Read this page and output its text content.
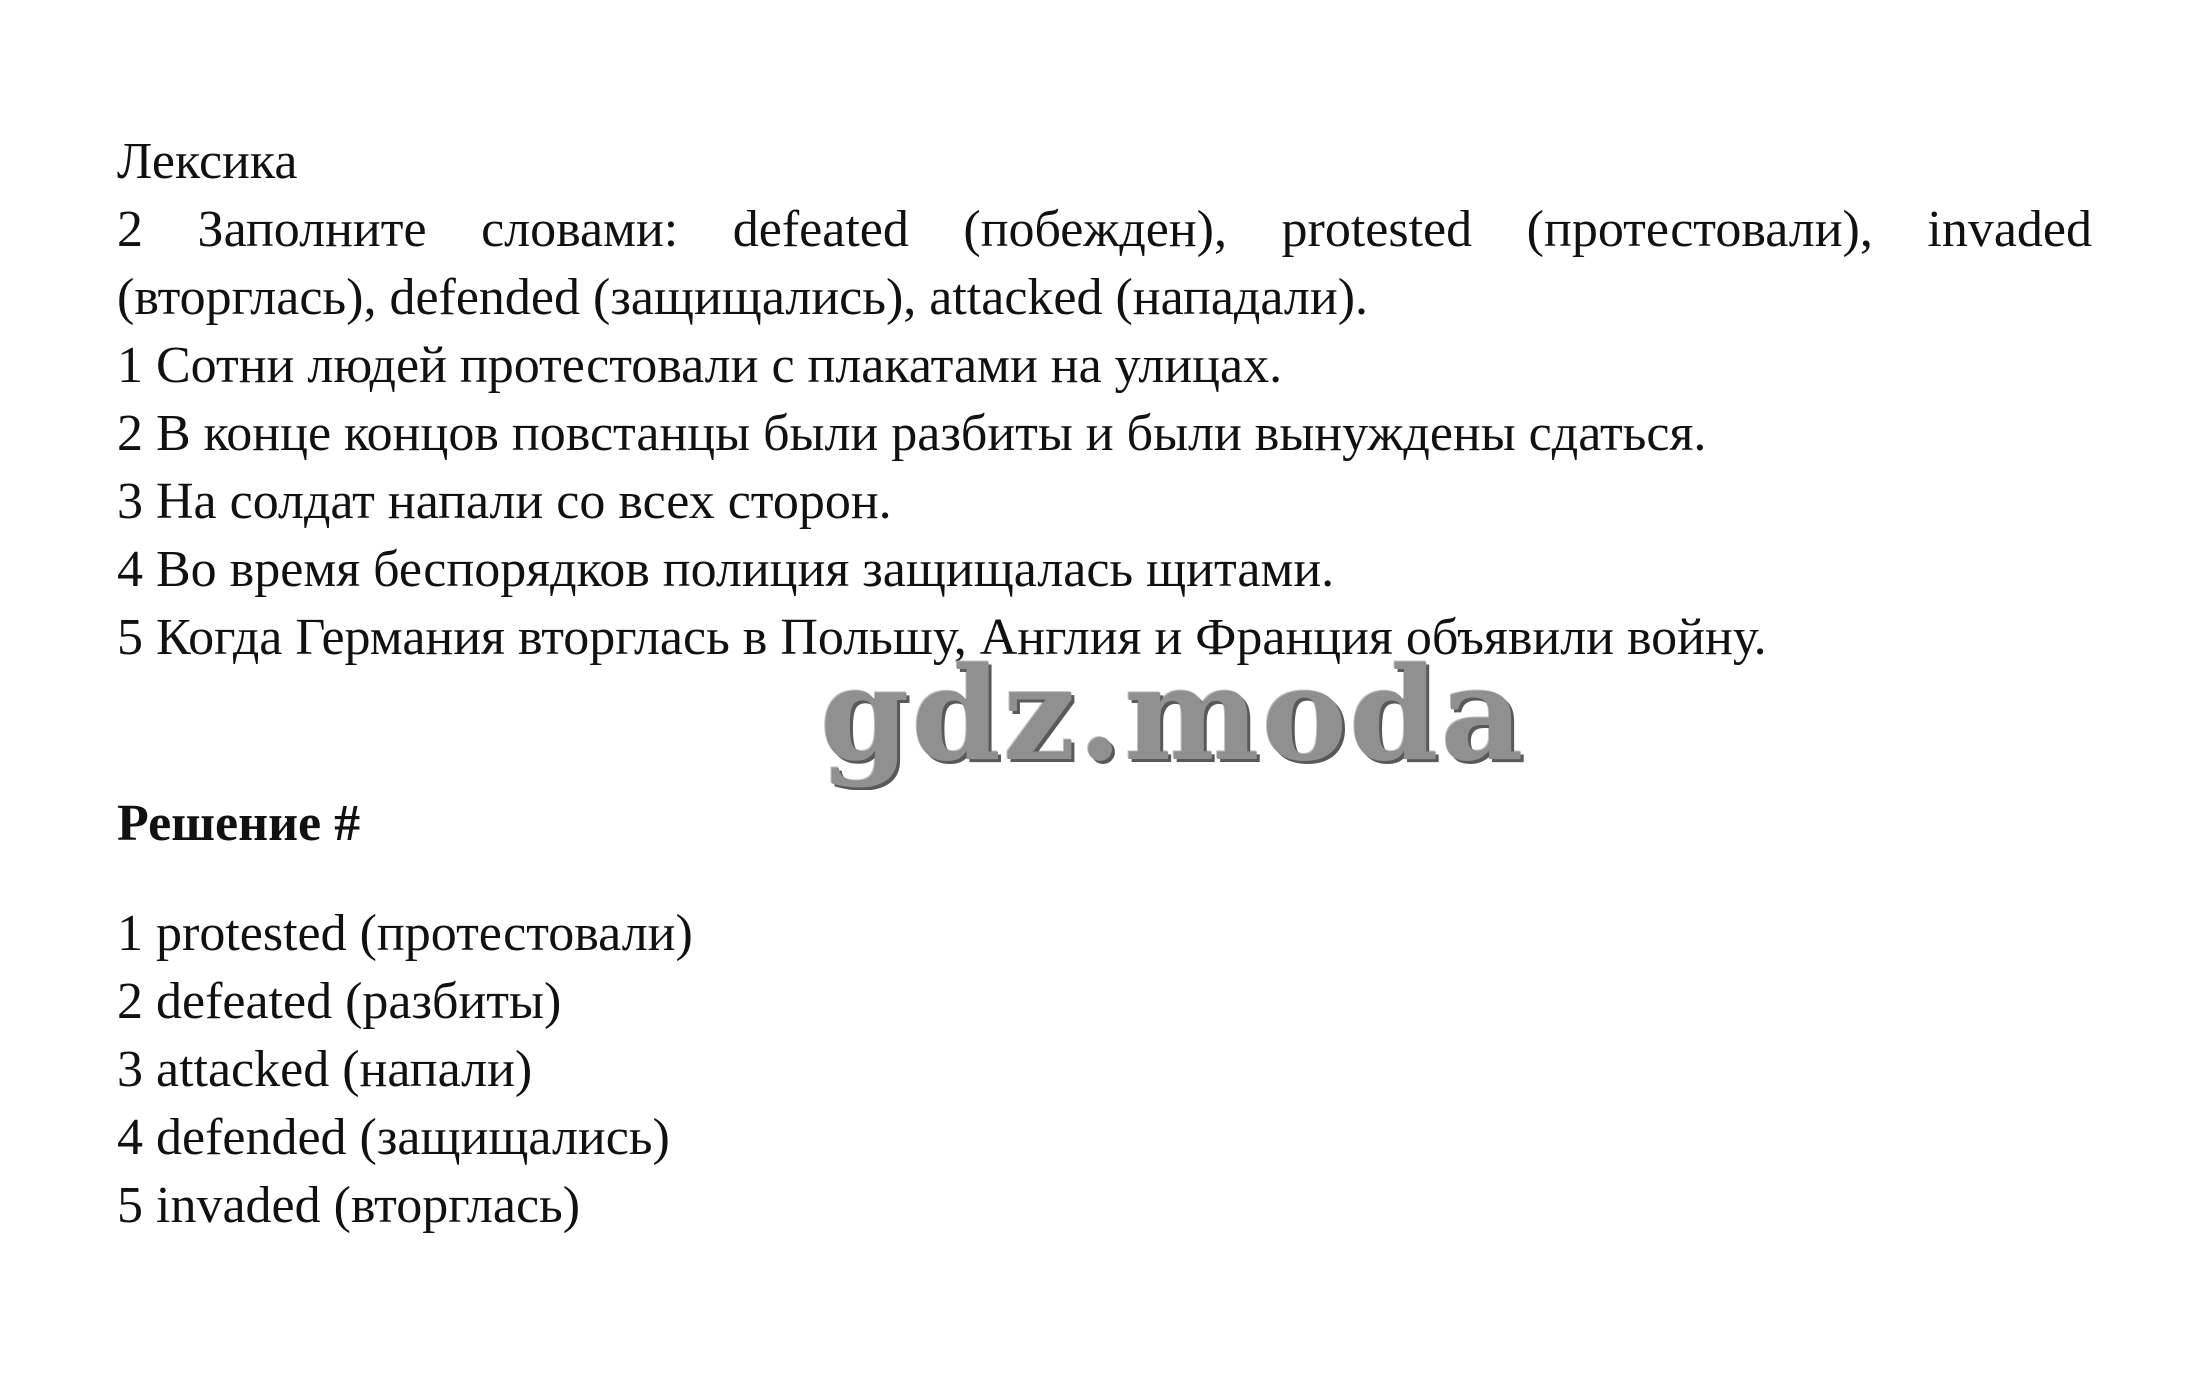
Лексика
2 Заполните словами: defeated (побежден), protested (протестовали), invaded
(вторглась), defended (защищались), attacked (нападали).
1 Сотни людей протестовали с плакатами на улицах.
2 В конце концов повстанцы были разбиты и были вынуждены сдаться.
3 На солдат напали со всех сторон.
4 Во время беспорядков полиция защищалась щитами.
5 Когда Германия вторглась в Польшу, Англия и Франция объявили войну.
gdz.moda
Решение #
1 protested (протестовали)
2 defeated (разбиты)
3 attacked (напали)
4 defended (защищались)
5 invaded (вторглась)
